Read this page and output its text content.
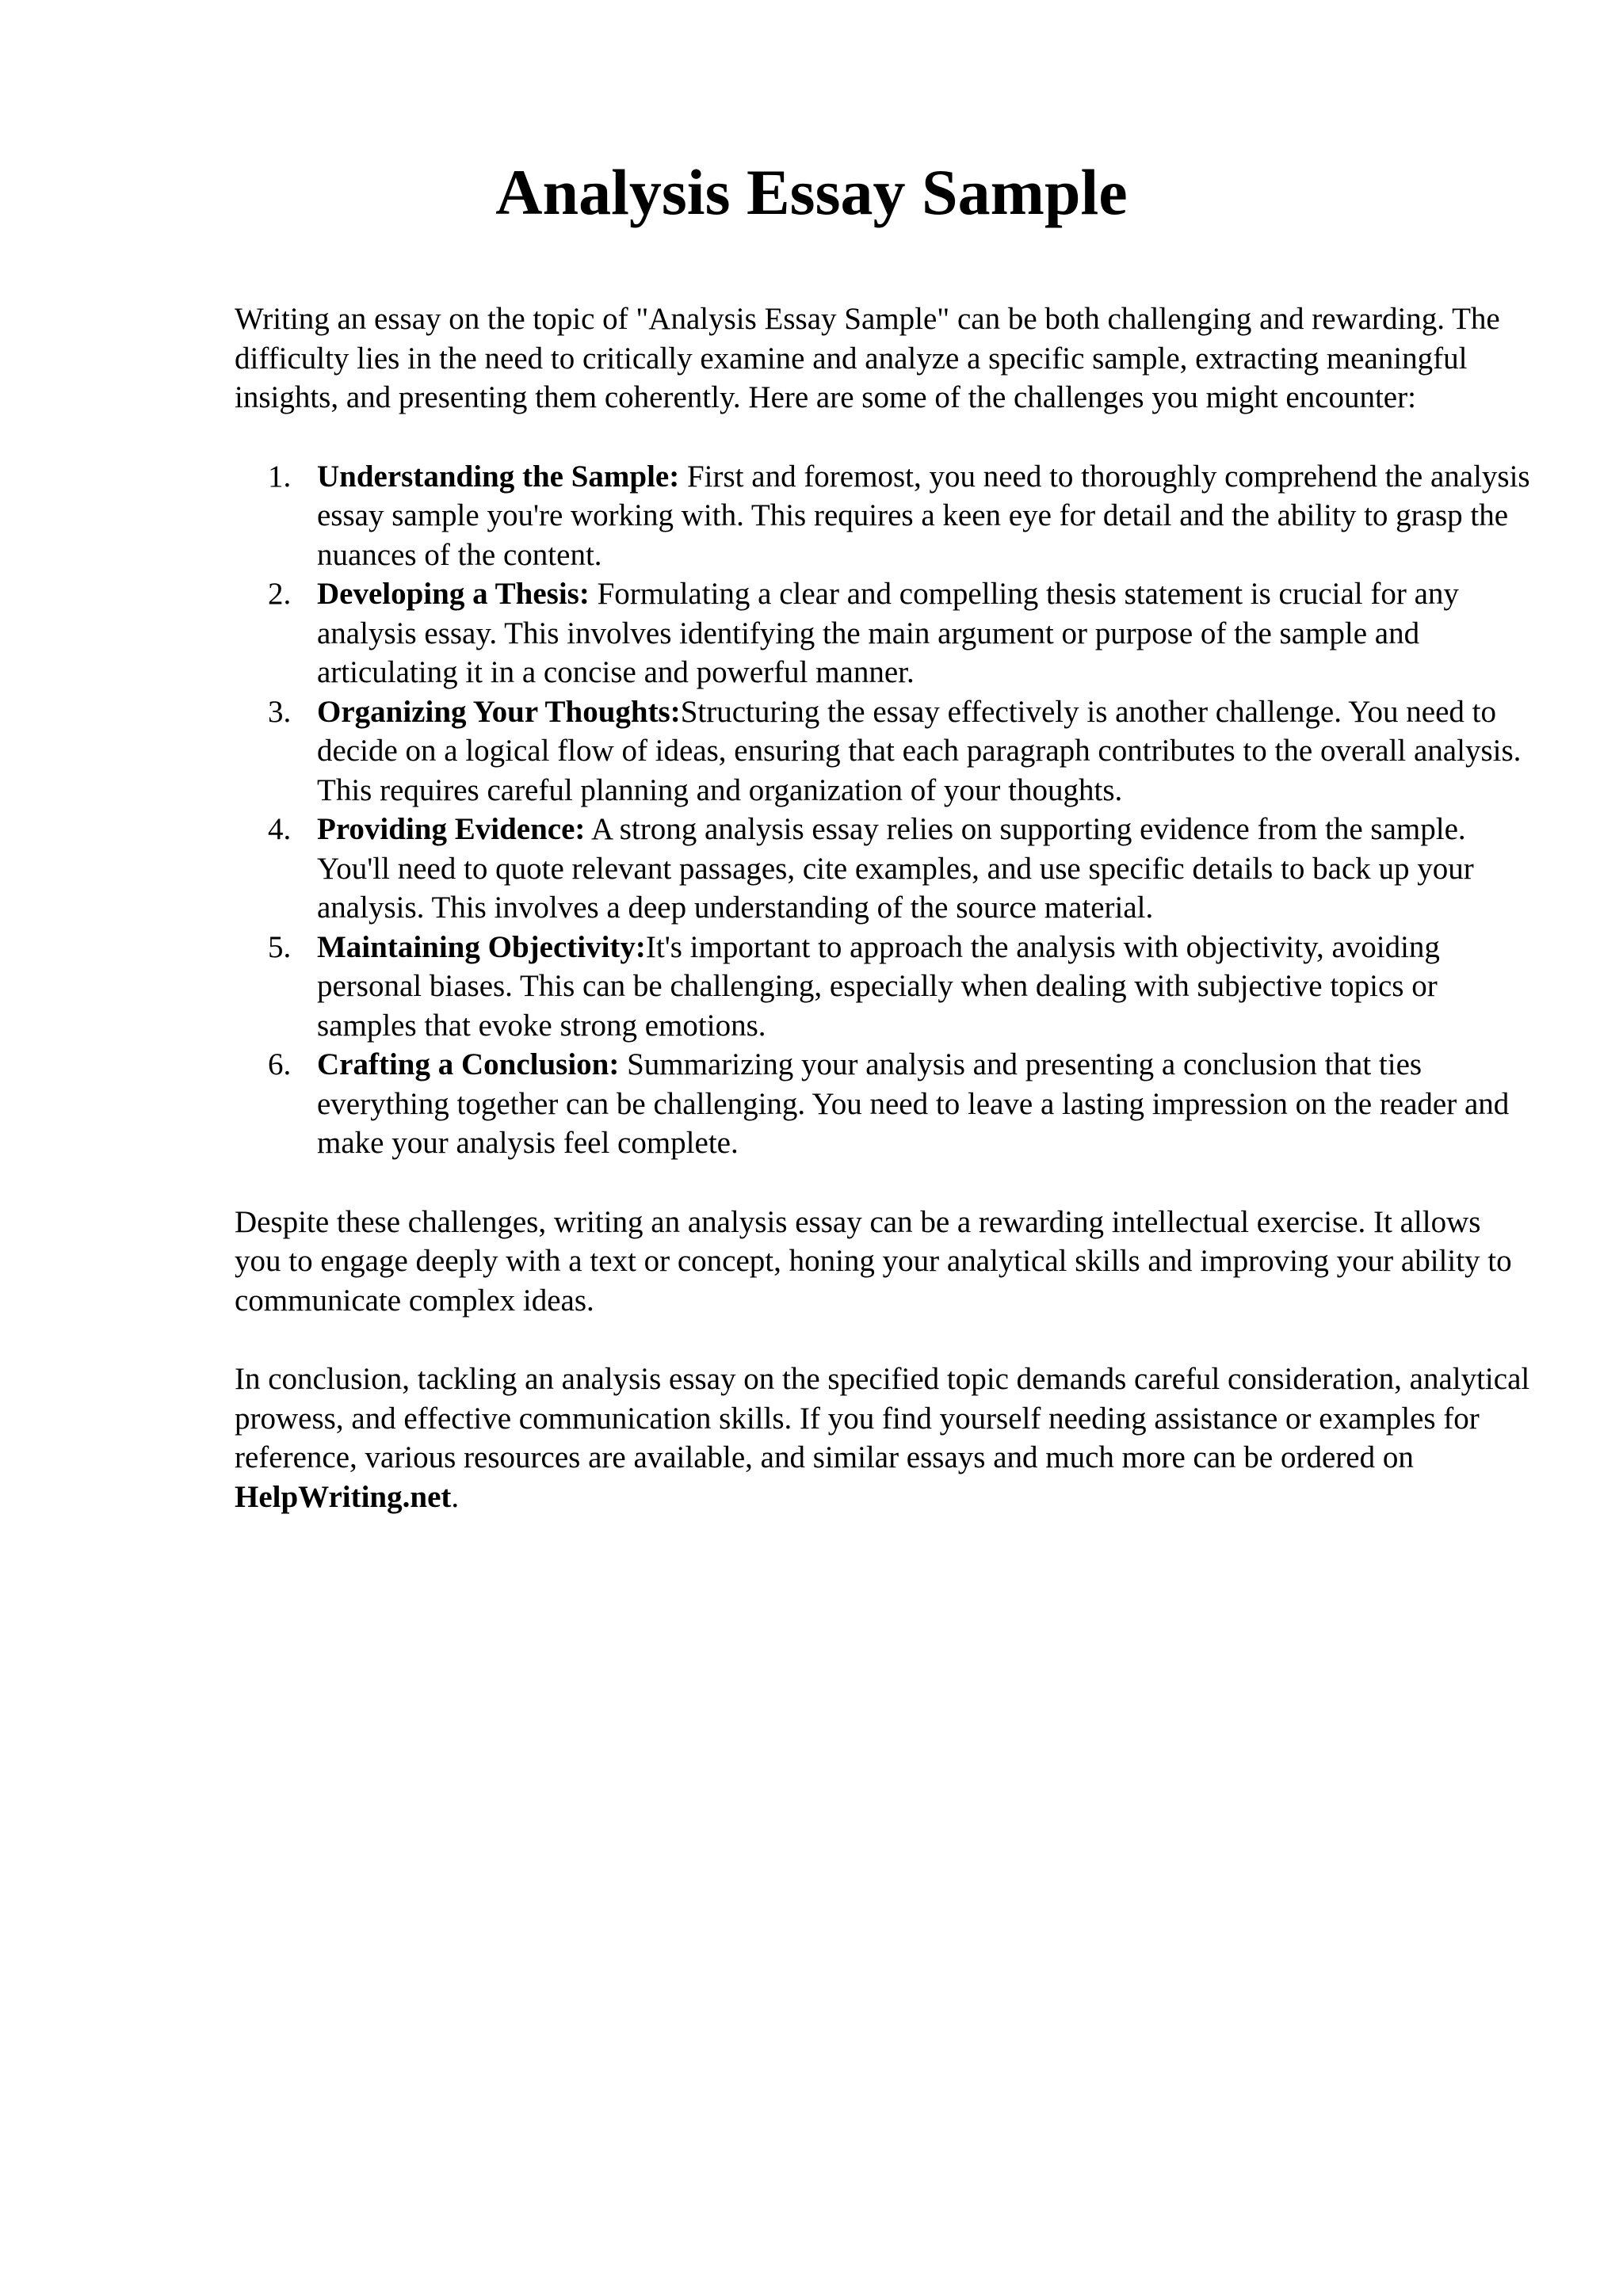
Analysis Essay Sample

Writing an essay on the topic of "Analysis Essay Sample" can be both challenging and rewarding. The difficulty lies in the need to critically examine and analyze a specific sample, extracting meaningful insights, and presenting them coherently. Here are some of the challenges you might encounter:

1. Understanding the Sample: First and foremost, you need to thoroughly comprehend the analysis essay sample you're working with. This requires a keen eye for detail and the ability to grasp the nuances of the content.
2. Developing a Thesis: Formulating a clear and compelling thesis statement is crucial for any analysis essay. This involves identifying the main argument or purpose of the sample and articulating it in a concise and powerful manner.
3. Organizing Your Thoughts:Structuring the essay effectively is another challenge. You need to decide on a logical flow of ideas, ensuring that each paragraph contributes to the overall analysis. This requires careful planning and organization of your thoughts.
4. Providing Evidence: A strong analysis essay relies on supporting evidence from the sample. You'll need to quote relevant passages, cite examples, and use specific details to back up your analysis. This involves a deep understanding of the source material.
5. Maintaining Objectivity:It's important to approach the analysis with objectivity, avoiding personal biases. This can be challenging, especially when dealing with subjective topics or samples that evoke strong emotions.
6. Crafting a Conclusion: Summarizing your analysis and presenting a conclusion that ties everything together can be challenging. You need to leave a lasting impression on the reader and make your analysis feel complete.

Despite these challenges, writing an analysis essay can be a rewarding intellectual exercise. It allows you to engage deeply with a text or concept, honing your analytical skills and improving your ability to communicate complex ideas.

In conclusion, tackling an analysis essay on the specified topic demands careful consideration, analytical prowess, and effective communication skills. If you find yourself needing assistance or examples for reference, various resources are available, and similar essays and much more can be ordered on HelpWriting.net.
